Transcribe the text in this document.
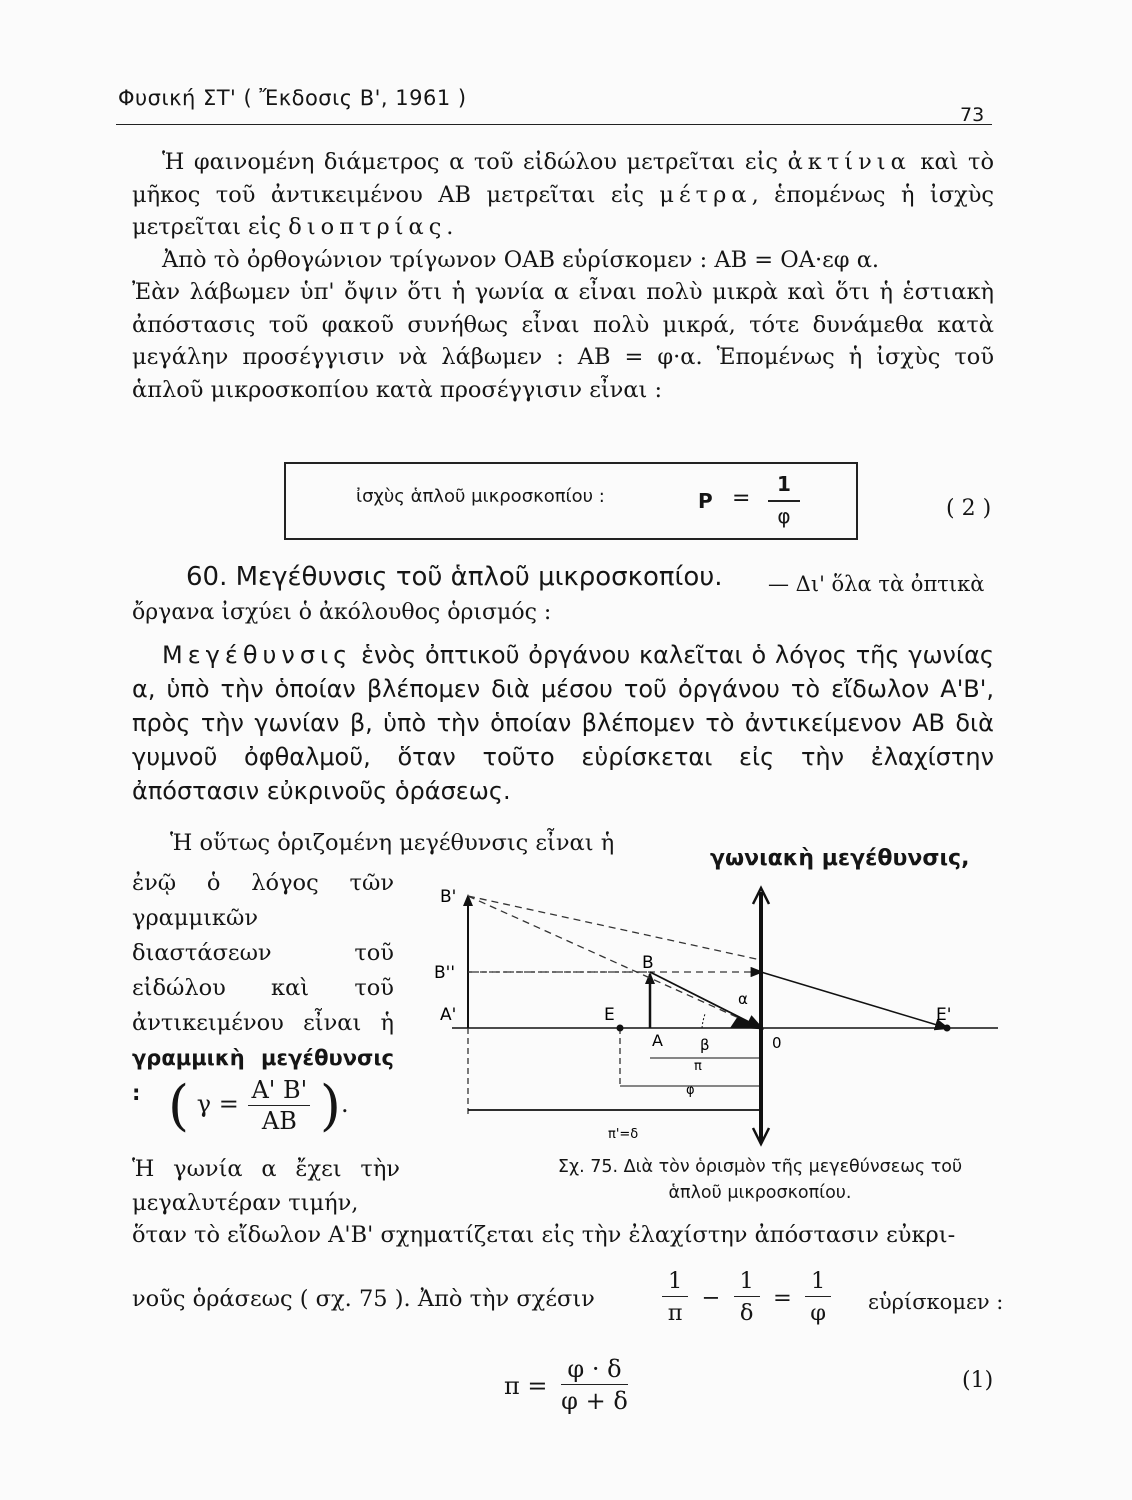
Φυσική ΣΤ' ( Ἔκδοσις Β', 1961 )
73

Ἡ φαινομένη διάμετρος α τοῦ εἰδώλου μετρεῖται εἰς ἀκτίνια καὶ τὸ μῆκος τοῦ ἀντικειμένου ΑΒ μετρεῖται εἰς μέτρα, ἑπομένως ἡ ἰσχὺς μετρεῖται εἰς διοπτρίας.

Ἀπὸ τὸ ὀρθογώνιον τρίγωνον ΟΑΒ εὑρίσκομεν : ΑΒ = ΟΑ·εφ α.

Ἐὰν λάβωμεν ὑπ' ὄψιν ὅτι ἡ γωνία α εἶναι πολὺ μικρὰ καὶ ὅτι ἡ ἑστιακὴ ἀπόστασις τοῦ φακοῦ συνήθως εἶναι πολὺ μικρά, τότε δυνάμεθα κατὰ μεγάλην προσέγγισιν νὰ λάβωμεν : ΑΒ = φ·α. Ἑπομένως ἡ ἰσχὺς τοῦ ἁπλοῦ μικροσκοπίου κατὰ προσέγγισιν εἶναι :

ἰσχὺς ἁπλοῦ μικροσκοπίου :	P =
1
φ	( 2 )
60. Μεγέθυνσις τοῦ ἁπλοῦ μικροσκοπίου. — Δι' ὅλα τὰ ὀπτικὰ
ὄργανα ἰσχύει ὁ ἀκόλουθος ὁρισμός :

Μεγέθυνσις ἑνὸς ὀπτικοῦ ὀργάνου καλεῖται ὁ λόγος τῆς γωνίας α, ὑπὸ τὴν ὁποίαν βλέπομεν διὰ μέσου τοῦ ὀργάνου τὸ εἴδωλον Α'Β', πρὸς τὴν γωνίαν β, ὑπὸ τὴν ὁποίαν βλέπομεν τὸ ἀντικείμενον ΑΒ διὰ γυμνοῦ ὀφθαλμοῦ, ὅταν τοῦτο εὑρίσκεται εἰς τὴν ἐλαχίστην ἀπόστασιν εὐκρινοῦς ὁράσεως.

Ἡ οὕτως ὁριζομένη μεγέθυνσις εἶναι ἡ
γωνιακὴ μεγέθυνσις,

ἐνῷ ὁ λόγος τῶν γραμμικῶν διαστάσεων τοῦ εἰδώλου καὶ τοῦ ἀντικειμένου εἶναι ἡ γραμμικὴ μεγέθυνσις : ( $\gamma = \frac{A' B'}{AB}$ ).

Ἡ γωνία α ἔχει τὴν μεγαλυτέραν τιμήν,

Β'
Β''
Α'
Β
Ε
Α
α
β	0
Ε'
π
φ
π'=δ
Σχ. 75. Διὰ τὸν ὁρισμὸν τῆς μεγεθύνσεως τοῦ
ἁπλοῦ μικροσκοπίου.
ὅταν τὸ εἴδωλον Α'Β' σχηματίζεται εἰς τὴν ἐλαχίστην ἀπόστασιν εὐκρι-
νοῦς ὁράσεως ( σχ. 75 ). Ἀπὸ τὴν σχέσιν	$\frac{1}{\pi} - \frac{1}{\delta} = \frac{1}{\varphi}$ εὑρίσκομεν :
$\pi = \frac{\varphi \cdot \delta}{\varphi + \delta}$	(1)
